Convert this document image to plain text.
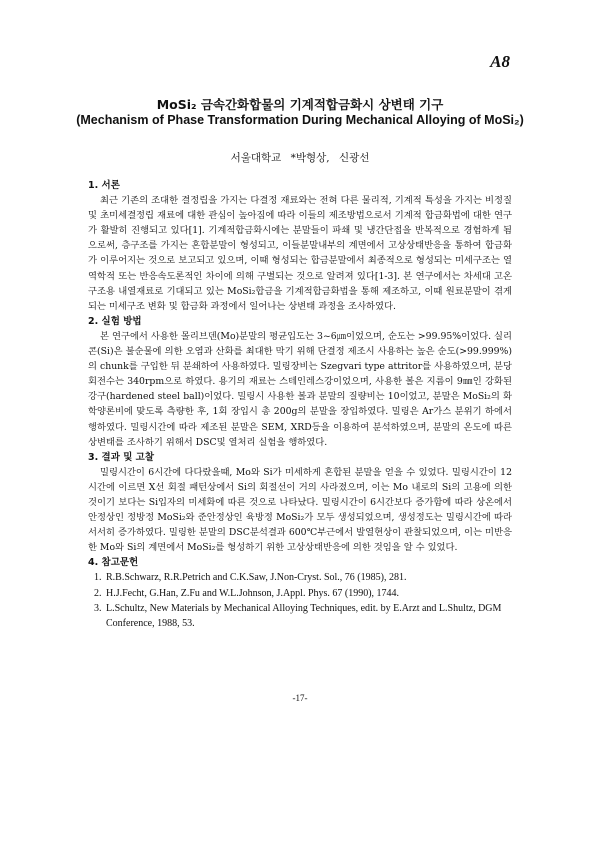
A8
MoSi₂ 금속간화합물의 기계적합금화시 상변태 기구
(Mechanism of Phase Transformation During Mechanical Alloying of MoSi₂)
서울대학교 *박형상, 신광선
1. 서론

최근 기존의 조대한 결정립을 가지는 다결정 재료와는 전혀 다른 물리적, 기계적 특성을 가지는 비정질 및 초미세결정립 재료에 대한 관심이 높아짐에 따라 이들의 제조방법으로서 기계적 합금화법에 대한 연구가 활발히 진행되고 있다[1]. 기계적합금화시에는 분말들이 파쇄 및 냉간단접을 반복적으로 경험하게 됨으로써, 층구조를 가지는 혼합분말이 형성되고, 이들분말내부의 계면에서 고상상태반응을 통하여 합금화가 이루어지는 것으로 보고되고 있으며, 이때 형성되는 합금분말에서 최종적으로 형성되는 미세구조는 열역학적 또는 반응속도론적인 차이에 의해 구별되는 것으로 알려져 있다[1-3]. 본 연구에서는 차세대 고온구조용 내열재료로 기대되고 있는 MoSi₂합금을 기계적합금화법을 통해 제조하고, 이때 원료분말이 겪게 되는 미세구조 변화 및 합금화 과정에서 일어나는 상변태 과정을 조사하였다.

2. 실험 방법

본 연구에서 사용한 몰리브덴(Mo)분말의 평균입도는 3~6㎛이었으며, 순도는 >99.95%이었다. 실리콘(Si)은 불순물에 의한 오염과 산화를 최대한 막기 위해 단결정 제조시 사용하는 높은 순도(>99.999%)의 chunk를 구입한 뒤 분쇄하여 사용하였다. 밀링장비는 Szegvari type attritor를 사용하였으며, 분당회전수는 340rpm으로 하였다. 용기의 재료는 스테인레스강이었으며, 사용한 볼은 지름이 9㎜인 강화된 강구(hardened steel ball)이었다. 밀링시 사용한 볼과 분말의 질량비는 10이었고, 분말은 MoSi₂의 화학양론비에 맞도록 측량한 후, 1회 장입시 총 200g의 분말을 장입하였다. 밀링은 Ar가스 분위기 하에서 행하였다. 밀링시간에 따라 제조된 분말은 SEM, XRD등을 이용하여 분석하였으며, 분말의 온도에 따른 상변태를 조사하기 위해서 DSC및 열처리 실험을 행하였다.

3. 결과 및 고찰

밀링시간이 6시간에 다다랐을때, Mo와 Si가 미세하게 혼합된 분말을 얻을 수 있었다. 밀링시간이 12시간에 이르면 X선 회절 패턴상에서 Si의 회절선이 거의 사라졌으며, 이는 Mo 내로의 Si의 고용에 의한 것이기 보다는 Si입자의 미세화에 따른 것으로 나타났다. 밀링시간이 6시간보다 증가함에 따라 상온에서 안정상인 정방정 MoSi₂와 준안정상인 육방정 MoSi₂가 모두 생성되었으며, 생성정도는 밀링시간에 따라 서서히 증가하였다. 밀링한 분말의 DSC분석결과 600℃부근에서 발열현상이 관찰되었으며, 이는 미반응한 Mo와 Si의 계면에서 MoSi₂를 형성하기 위한 고상상태반응에 의한 것임을 알 수 있었다.

4. 참고문헌
1. R.B.Schwarz, R.R.Petrich and C.K.Saw, J.Non-Cryst. Sol., 76 (1985), 281.
2. H.J.Fecht, G.Han, Z.Fu and W.L.Johnson, J.Appl. Phys. 67 (1990), 1744.
3. L.Schultz, New Materials by Mechanical Alloying Techniques, edit. by E.Arzt and L.Shultz, DGM Conference, 1988, 53.
-17-
